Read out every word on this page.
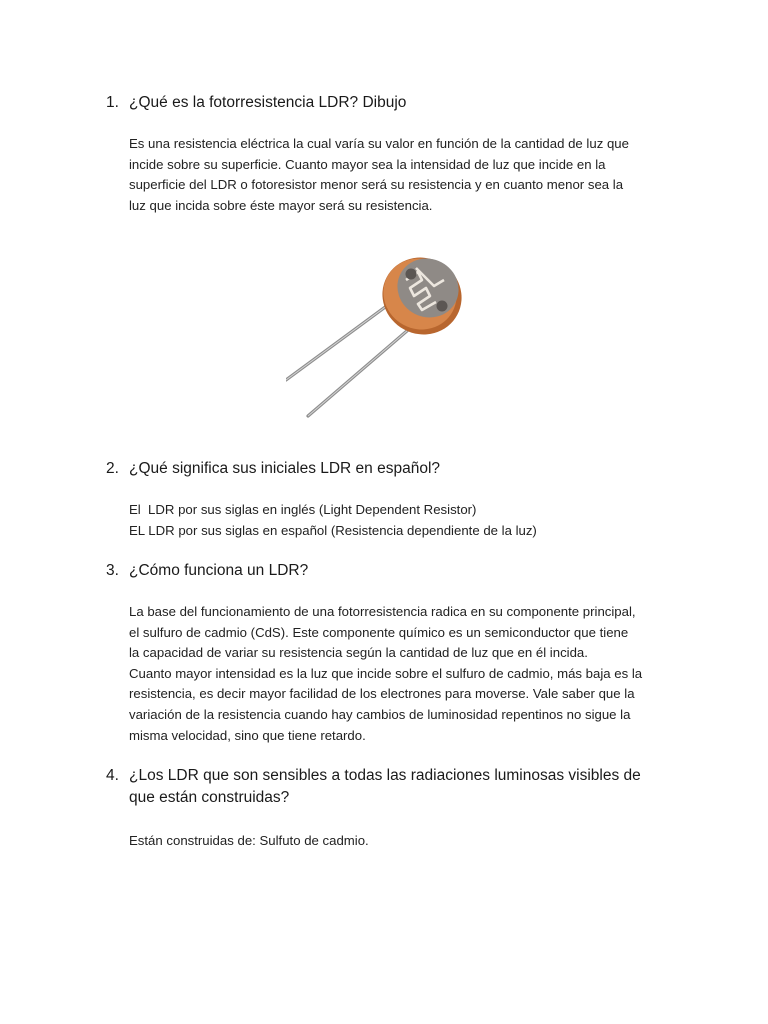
1. ¿Qué es la fotorresistencia LDR? Dibujo

Es una resistencia eléctrica la cual varía su valor en función de la cantidad de luz que

incide sobre su superficie. Cuanto mayor sea la intensidad de luz que incide en la

superficie del LDR o fotoresistor menor será su resistencia y en cuanto menor sea la

luz que incida sobre éste mayor será su resistencia.

2. ¿Qué significa sus iniciales LDR en español?

El  LDR por sus siglas en inglés (Light Dependent Resistor)

EL LDR por sus siglas en español (Resistencia dependiente de la luz)

3. ¿Cómo funciona un LDR?

La base del funcionamiento de una fotorresistencia radica en su componente principal,

el sulfuro de cadmio (CdS). Este componente químico es un semiconductor que tiene

la capacidad de variar su resistencia según la cantidad de luz que en él incida.

Cuanto mayor intensidad es la luz que incide sobre el sulfuro de cadmio, más baja es la

resistencia, es decir mayor facilidad de los electrones para moverse. Vale saber que la

variación de la resistencia cuando hay cambios de luminosidad repentinos no sigue la

misma velocidad, sino que tiene retardo.

4. ¿Los LDR que son sensibles a todas las radiaciones luminosas visibles de
que están construidas?

Están construidas de: Sulfuto de cadmio.
